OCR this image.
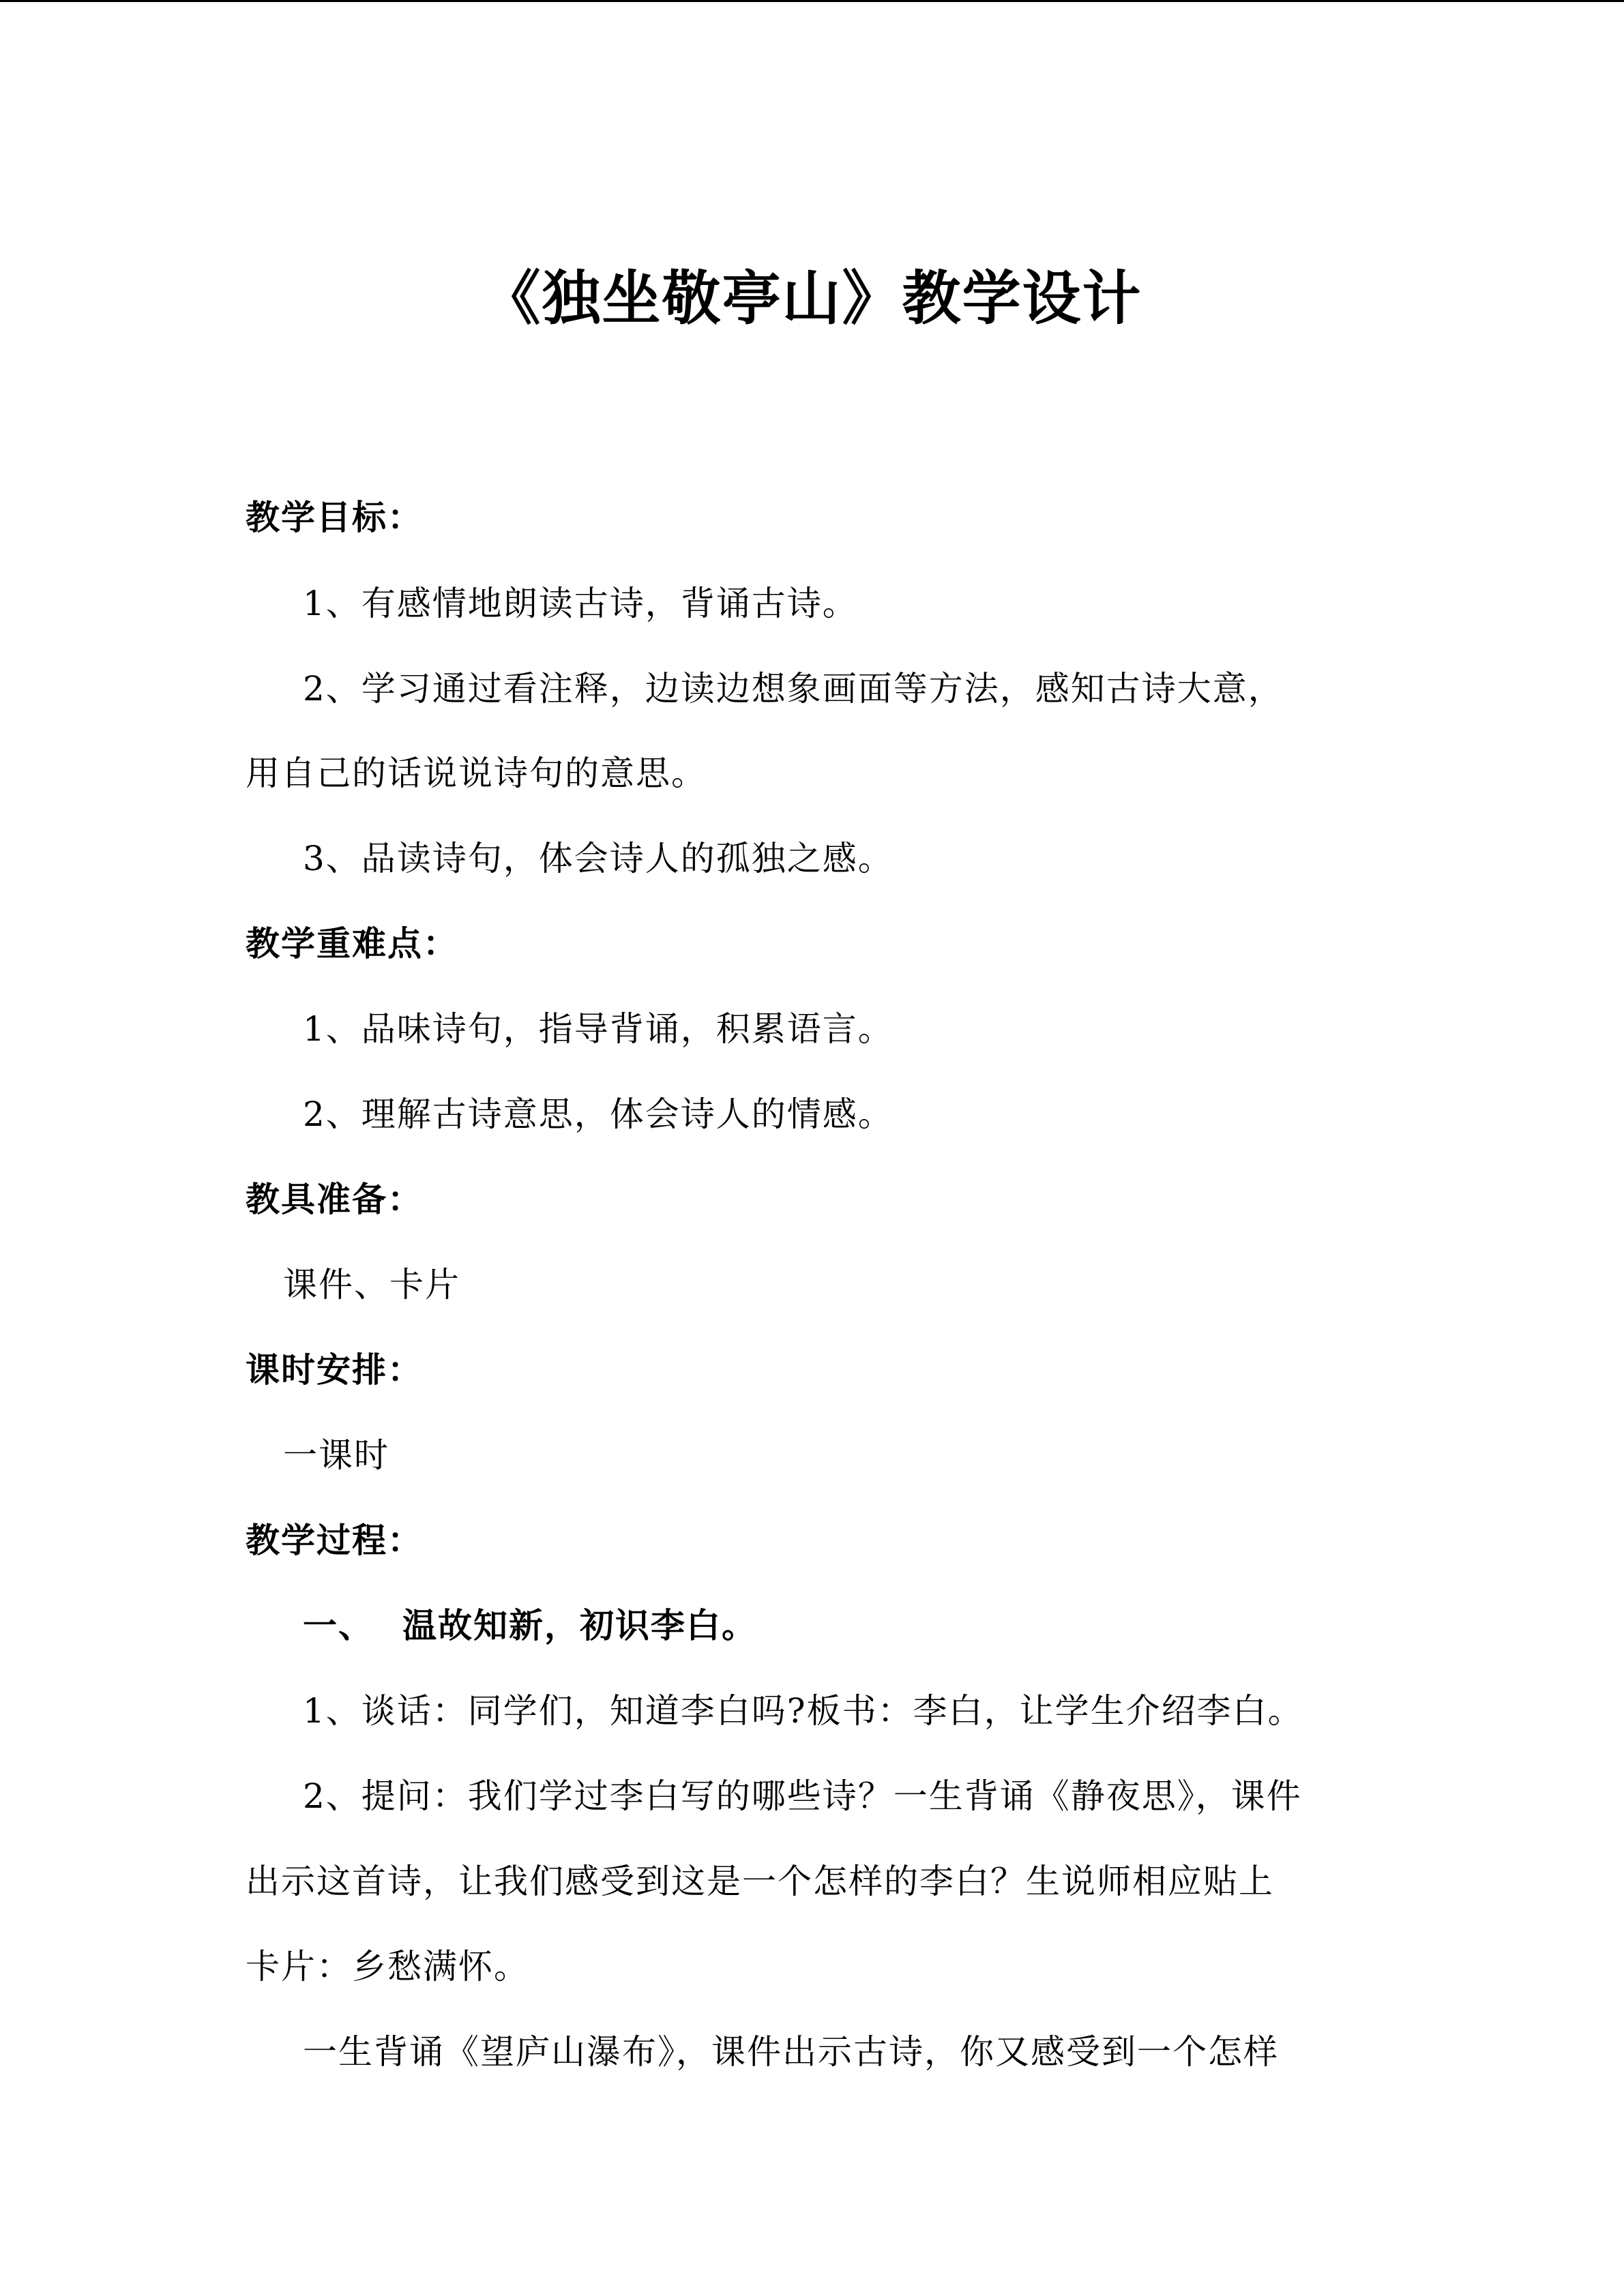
《独坐敬亭山》教学设计
教学目标：
1、有感情地朗读古诗，背诵古诗。
2、学习通过看注释，边读边想象画面等方法，感知古诗大意，
用自己的话说说诗句的意思。
3、品读诗句，体会诗人的孤独之感。
教学重难点：
1、品味诗句，指导背诵，积累语言。
2、理解古诗意思，体会诗人的情感。
教具准备：
课件、卡片
课时安排：
一课时
教学过程：
一、 温故知新，初识李白。
1、谈话：同学们，知道李白吗?板书：李白，让学生介绍李白。
2、提问：我们学过李白写的哪些诗？一生背诵《静夜思》，课件
出示这首诗，让我们感受到这是一个怎样的李白？生说师相应贴上
卡片：乡愁满怀。
一生背诵《望庐山瀑布》，课件出示古诗，你又感受到一个怎样
